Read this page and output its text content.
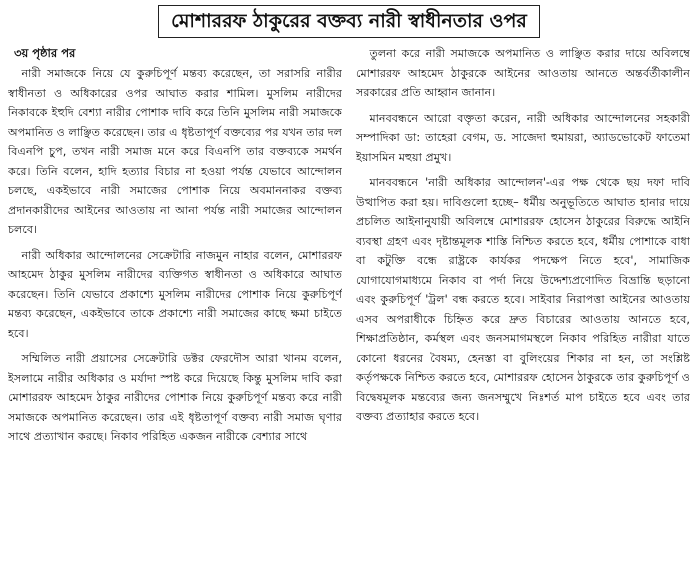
মোশাররফ ঠাকুরের বক্তব্য নারী স্বাধীনতার ওপর
৩য় পৃষ্ঠার পর

নারী সমাজকে নিয়ে যে কুরুচিপূর্ণ মন্তব্য করেছেন, তা সরাসরি নারীর স্বাধীনতা ও অধিকারের ওপর আঘাত করার শামিল। মুসলিম নারীদের নিকাবকে ইহুদি বেশ্যা নারীর পোশাক দাবি করে তিনি মুসলিম নারী সমাজকে অপমানিত ও লাঞ্ছিত করেছেন। তার এ ধৃষ্টতাপূর্ণ বক্তব্যের পর যখন তার দল বিএনপি চুপ, তখন নারী সমাজ মনে করে বিএনপি তার বক্তব্যকে সমর্থন করে। তিনি বলেন, হাদি হত্যার বিচার না হওয়া পর্যন্ত যেভাবে আন্দোলন চলছে, একইভাবে নারী সমাজের পোশাক নিয়ে অবমাননাকর বক্তব্য প্রদানকারীদের আইনের আওতায় না আনা পর্যন্ত নারী সমাজের আন্দোলন চলবে।

নারী অধিকার আন্দোলনের সেক্রেটারি নাজমুন নাহার বলেন, মোশাররফ আহমেদ ঠাকুর মুসলিম নারীদের ব্যক্তিগত স্বাধীনতা ও অধিকারে আঘাত করেছেন। তিনি যেভাবে প্রকাশ্যে মুসলিম নারীদের পোশাক নিয়ে কুরুচিপূর্ণ মন্তব্য করেছেন, একইভাবে তাকে প্রকাশ্যে নারী সমাজের কাছে ক্ষমা চাইতে হবে।

সম্মিলিত নারী প্রয়াসের সেক্রেটারি ডক্টর ফেরদৌস আরা খানম বলেন, ইসলামে নারীর অধিকার ও মর্যাদা স্পষ্ট করে দিয়েছে কিন্তু মুসলিম দাবি করা মোশাররফ আহমেদ ঠাকুর নারীদের পোশাক নিয়ে কুরুচিপূর্ণ মন্তব্য করে নারী সমাজকে অপমানিত করেছেন। তার এই ধৃষ্টতাপূর্ণ বক্তব্য নারী সমাজ ঘৃণার সাথে প্রত্যাখান করছে। নিকাব পরিহিত একজন নারীকে বেশ্যার সাথে

তুলনা করে নারী সমাজকে অপমানিত ও লাঞ্ছিত করার দায়ে অবিলম্বে মোশাররফ আহমেদ ঠাকুরকে আইনের আওতায় আনতে অন্তর্বর্তীকালীন সরকারের প্রতি আহ্বান জানান।

মানববন্ধনে আরো বক্তৃতা করেন, নারী অধিকার আন্দোলনের সহকারী সম্পাদিকা ডা: তাহেরা বেগম, ড. সাজেদা হুমায়রা, অ্যাডভোকেট ফাতেমা ইয়াসমিন মহুয়া প্রমুখ।

মানববন্ধনে 'নারী অধিকার আন্দোলন'-এর পক্ষ থেকে ছয় দফা দাবি উত্থাপিত করা হয়। দাবিগুলো হচ্ছে– ধর্মীয় অনুভূতিতে আঘাত হানার দায়ে প্রচলিত আইনানুযায়ী অবিলম্বে মোশাররফ হোসেন ঠাকুরের বিরুদ্ধে আইনি ব্যবস্থা গ্রহণ এবং দৃষ্টান্তমূলক শাস্তি নিশ্চিত করতে হবে, ধর্মীয় পোশাকে বাধা বা কটুক্তি বন্ধে রাষ্ট্রকে কার্যকর পদক্ষেপ নিতে হবে', সামাজিক যোগাযোগমাধ্যমে নিকাব বা পর্দা নিয়ে উদ্দেশ্যপ্রণোদিত বিভ্রান্তি ছড়ানো এবং কুরুচিপূর্ণ 'ট্রল' বন্ধ করতে হবে। সাইবার নিরাপত্তা আইনের আওতায় এসব অপরাধীকে চিহ্নিত করে দ্রুত বিচারের আওতায় আনতে হবে, শিক্ষাপ্রতিষ্ঠান, কর্মস্থল এবং জনসমাগমস্থলে নিকাব পরিহিত নারীরা যাতে কোনো ধরনের বৈষম্য, হেনস্তা বা বুলিংয়ের শিকার না হন, তা সংশ্লিষ্ট কর্তৃপক্ষকে নিশ্চিত করতে হবে, মোশাররফ হোসেন ঠাকুরকে তার কুরুচিপূর্ণ ও বিদ্বেষমূলক মন্তব্যের জন্য জনসম্মুখে নিঃশর্ত মাপ চাইতে হবে এবং তার বক্তব্য প্রত্যাহার করতে হবে।
